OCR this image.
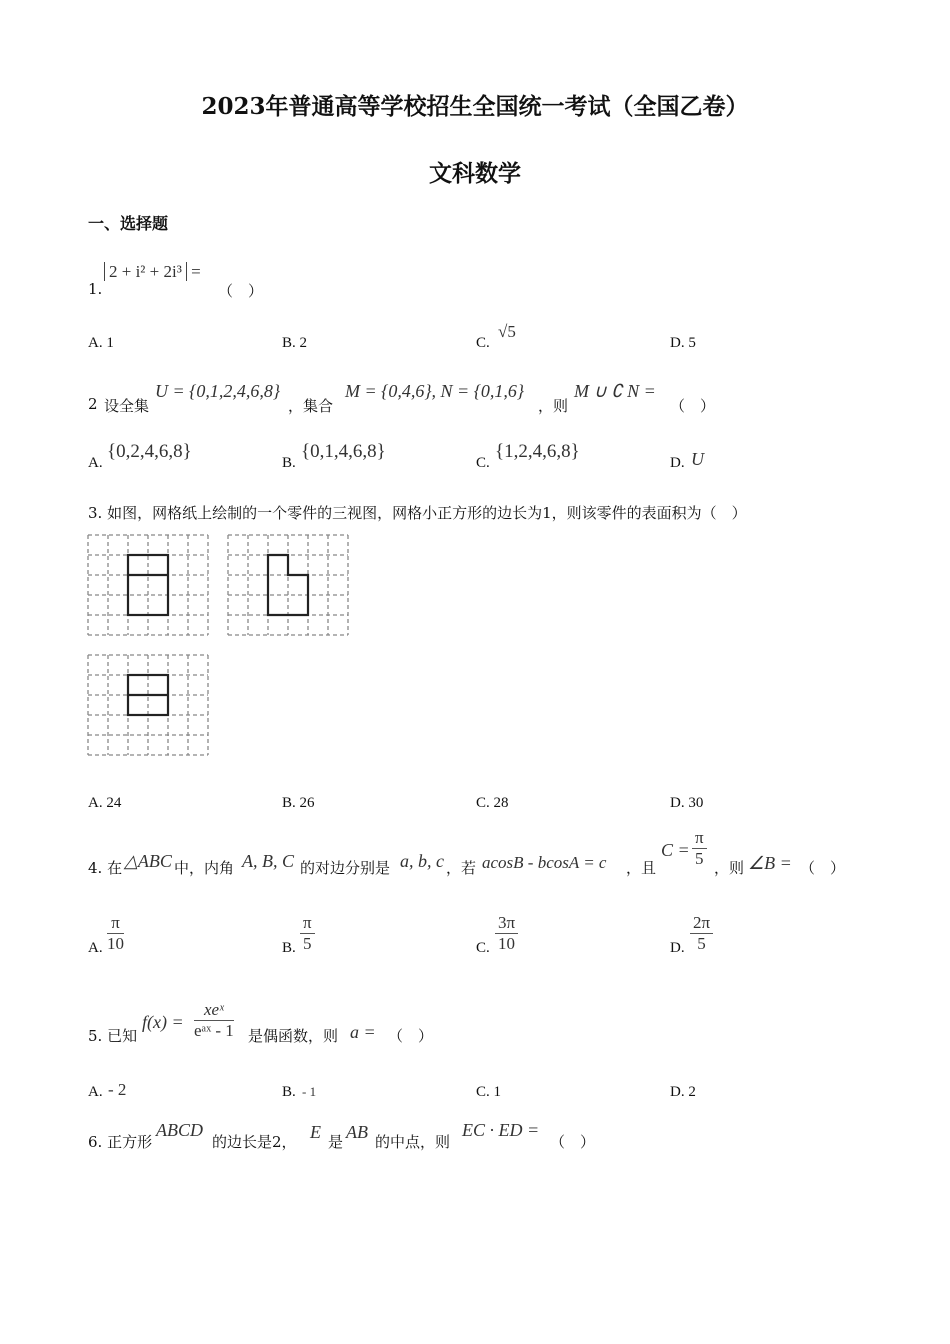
2023年普通高等学校招生全国统一考试（全国乙卷）
文科数学
一、选择题
1.
2 + i² + 2i³ =
（　）
A. 1	B. 2	C.
√5
D. 5
2 设全集
U = {0,1,2,4,6,8}
，集合
M = {0,4,6}, N = {0,1,6}
，则
M ∪ ∁ N =
（　）
A.
{0,2,4,6,8}
B.
{0,1,4,6,8}
C.
{1,2,4,6,8}
D. U
3. 如图，网格纸上绘制的一个零件的三视图，网格小正方形的边长为1，则该零件的表面积为（　）
A. 24	B. 26	C. 28	D. 30
4. 在 △ABC 中，内角 A, B, C 的对边分别是 a, b, c ，若 acosB - bcosA = c ，且
$C = \frac{\pi}{5}$ ，则 ∠B = （　）
A. $\frac{\pi}{10}$	B. $\frac{\pi}{5}$	C. $\frac{3\pi}{10}$	D. $\frac{2\pi}{5}$
5. 已知
f(x) =
xeˣ
eᵃˣ - 1 是偶函数，则 a = （　）
A. - 2	B. - 1	C. 1	D. 2
6. 正方形
ABCD
的边长是2， E 是 AB 的中点，则
EC · ED =
（　）
